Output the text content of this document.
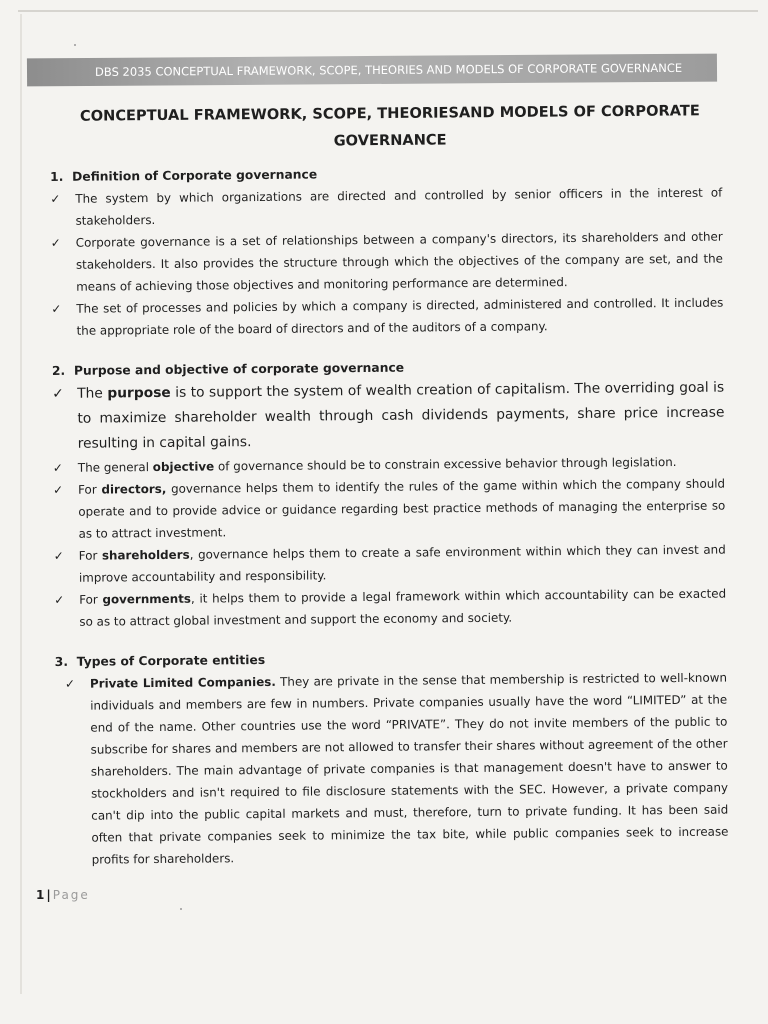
DBS 2035 CONCEPTUAL FRAMEWORK, SCOPE, THEORIES AND MODELS OF CORPORATE GOVERNANCE
CONCEPTUAL FRAMEWORK, SCOPE, THEORIESAND MODELS OF CORPORATE
GOVERNANCE
1. Definition of Corporate governance

✓ The system by which organizations are directed and controlled by senior officers in the interest of stakeholders.

✓ Corporate governance is a set of relationships between a company's directors, its shareholders and other stakeholders. It also provides the structure through which the objectives of the company are set, and the means of achieving those objectives and monitoring performance are determined.

✓ The set of processes and policies by which a company is directed, administered and controlled. It includes the appropriate role of the board of directors and of the auditors of a company.

2. Purpose and objective of corporate governance

✓ The purpose is to support the system of wealth creation of capitalism. The overriding goal is to maximize shareholder wealth through cash dividends payments, share price increase resulting in capital gains.

✓ The general objective of governance should be to constrain excessive behavior through legislation.

✓ For directors, governance helps them to identify the rules of the game within which the company should operate and to provide advice or guidance regarding best practice methods of managing the enterprise so as to attract investment.

✓ For shareholders, governance helps them to create a safe environment within which they can invest and improve accountability and responsibility.

✓ For governments, it helps them to provide a legal framework within which accountability can be exacted so as to attract global investment and support the economy and society.

3. Types of Corporate entities

✓ Private Limited Companies. They are private in the sense that membership is restricted to well-known individuals and members are few in numbers. Private companies usually have the word “LIMITED” at the end of the name. Other countries use the word “PRIVATE”. They do not invite members of the public to subscribe for shares and members are not allowed to transfer their shares without agreement of the other shareholders. The main advantage of private companies is that management doesn't have to answer to stockholders and isn't required to file disclosure statements with the SEC. However, a private company can't dip into the public capital markets and must, therefore, turn to private funding. It has been said often that private companies seek to minimize the tax bite, while public companies seek to increase profits for shareholders.

1 | Page
